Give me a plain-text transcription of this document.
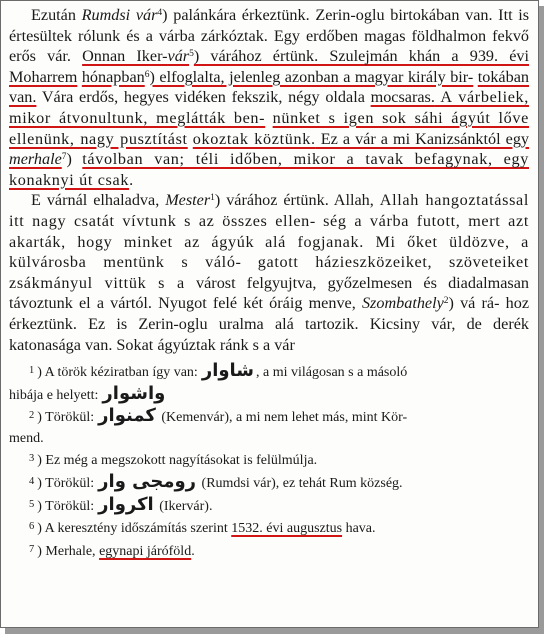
Ezután Rumdsi vár$^4$) palánkára érkeztünk. Zerin-oglu birtokában van. Itt is értesültek rólunk és a várba zárkóztak. Egy erdőben magas földhalmon fekvő erős vár. Onnan Iker-vár$^5$) várához értünk. Szulejmán khán a 939. évi Moharrem hónapban$^6$) elfoglalta, jelenleg azonban a magyar király bir- tokában van. Vára erdős, hegyes vidéken fekszik, négy oldala mocsaras. A várbeliek, mikor átvonultunk, meglátták ben- nünket s igen sok sáhi ágyút lőve ellenünk, nagy pusztítást okoztak köztünk. Ez a vár a mi Kanizsánktól egy merhale$^7$) távolban van; téli időben, mikor a tavak befagynak, egy konaknyi út csak.

E várnál elhaladva, Mester$^1$) várához értünk. Allah, Allah hangoztatással itt nagy csatát vívtunk s az összes ellen- ség a várba futott, mert azt akarták, hogy minket az ágyúk alá fogjanak. Mi őket üldözve, a külvárosba mentünk s váló- gatott házieszközeiket, szöveteiket zsákmányul vittük s a várost felgyujtva, győzelmesen és diadalmasan távoztunk el a vártól. Nyugot felé két óráig menve, Szombathely$^2$) vá rá- hoz érkeztünk. Ez is Zerin-oglu uralma alá tartozik. Kicsiny vár, de derék katonasága van. Sokat ágyúztak ránk s a vár

$^1$ ) A török kéziratban így van: شاوار , a mi világosan s a másoló

hibája e helyett: واشوار

$^2$ ) Törökül: كمنوار (Kemenvár), a mi nem lehet más, mint Kör-

mend.

$^3$ ) Ez még a megszokott nagyításokat is felülmúlja.

$^4$ ) Törökül: رومجی وار (Rumdsi vár), ez tehát Rum község.

$^5$ ) Törökül: اكروار (Ikervár).

$^6$ ) A keresztény időszámítás szerint 1532. évi augusztus hava.

$^7$ ) Merhale, egynapi járóföld.
